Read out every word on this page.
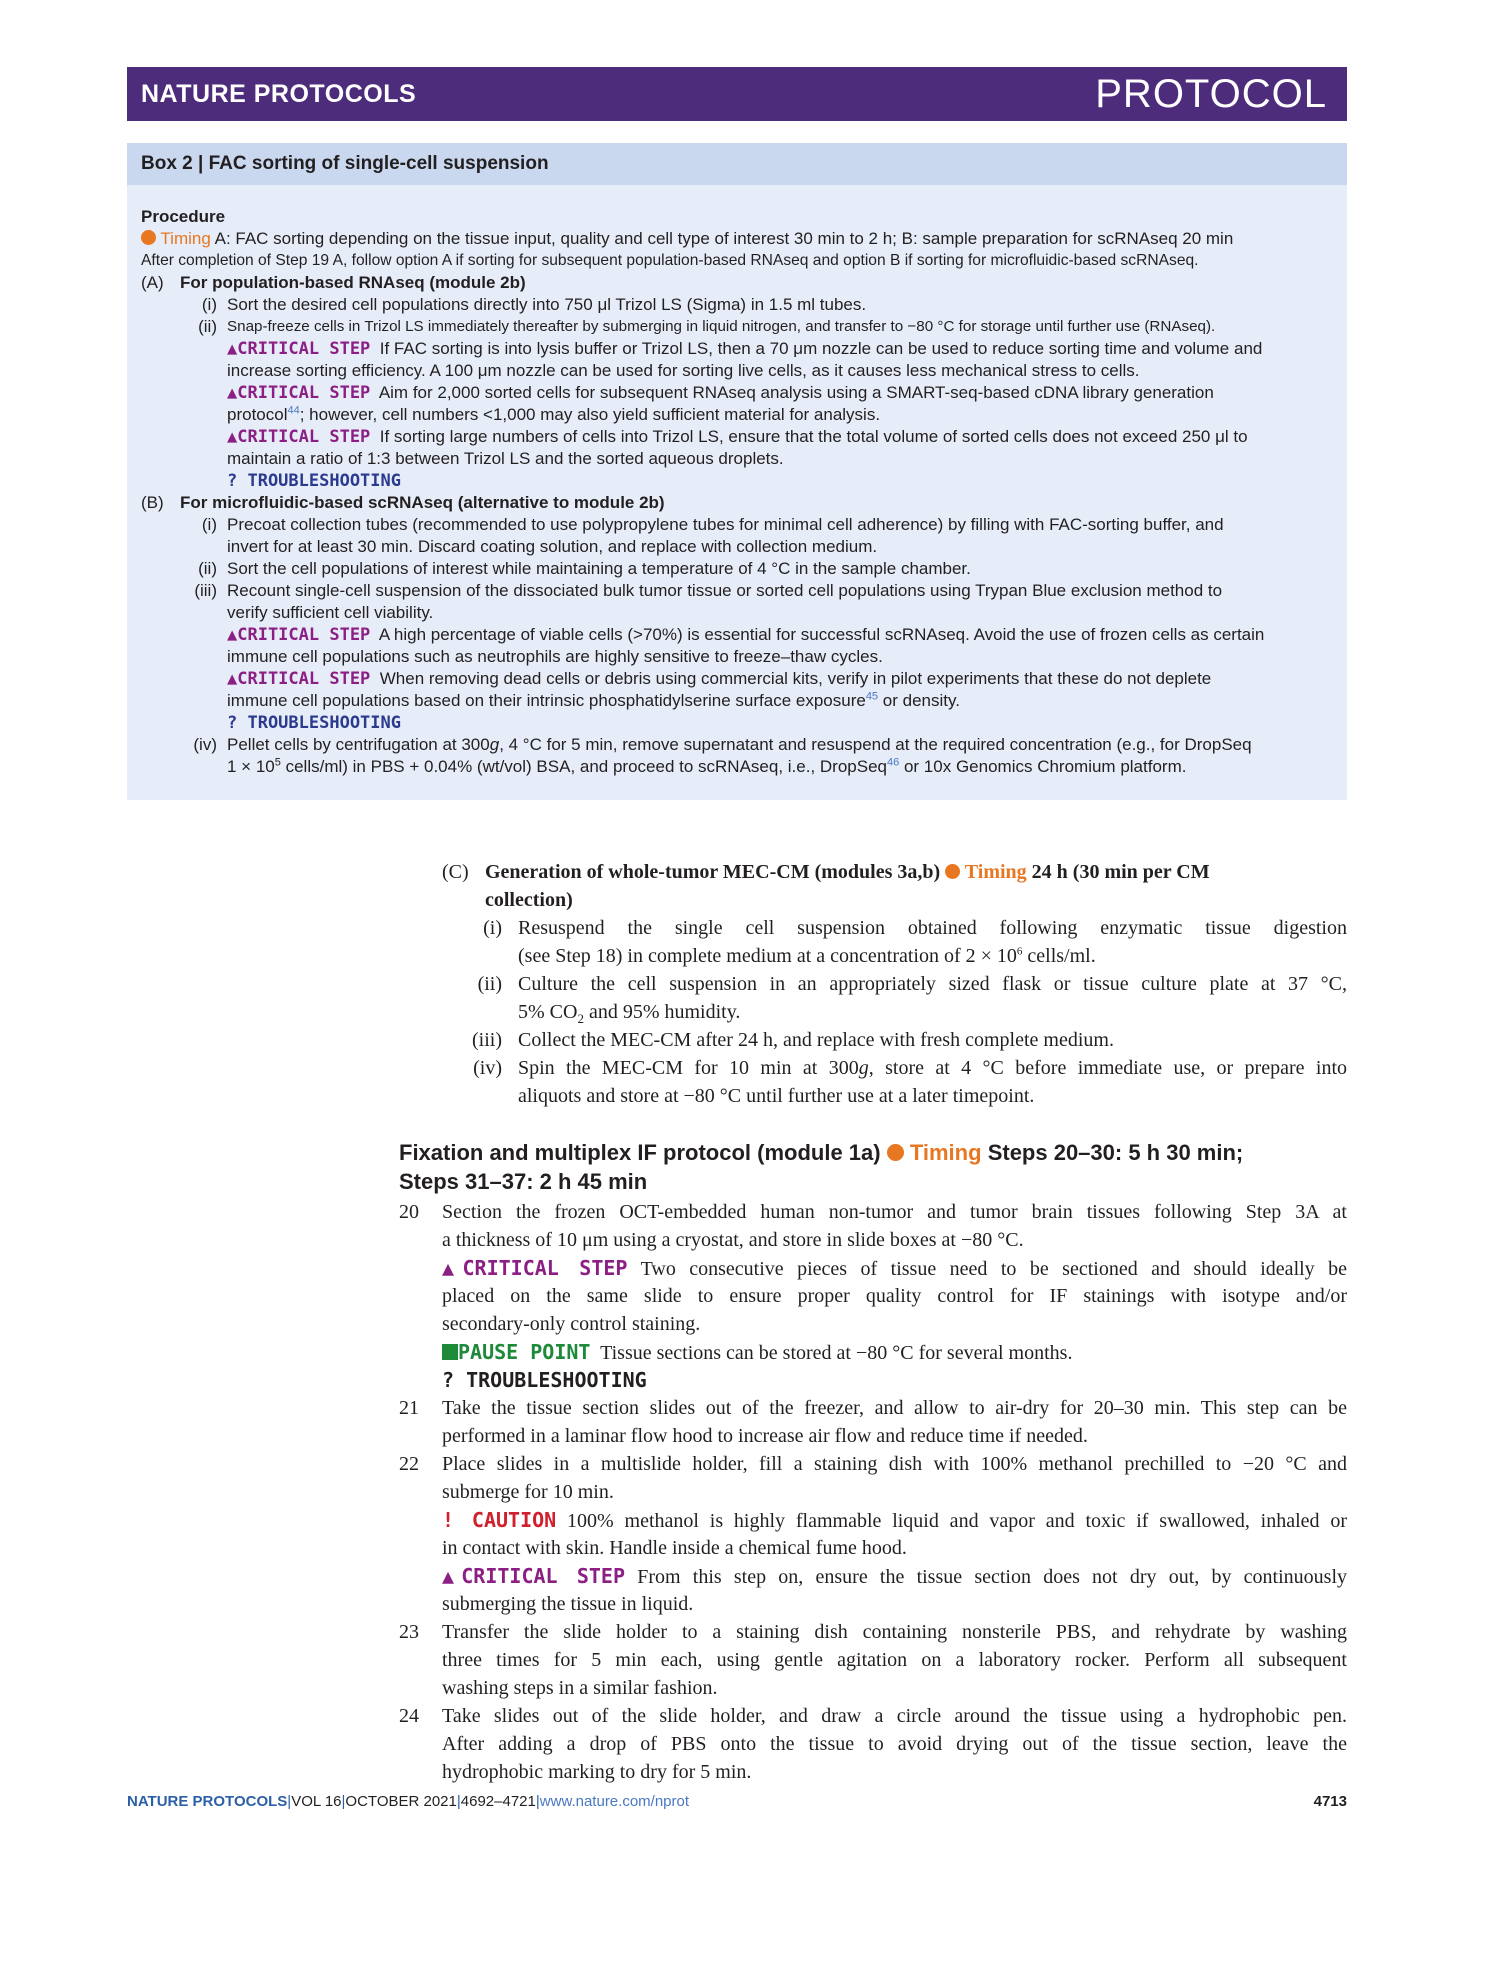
NATURE PROTOCOLS	PROTOCOL
Box 2 | FAC sorting of single-cell suspension
Procedure
Timing A: FAC sorting depending on the tissue input, quality and cell type of interest 30 min to 2 h; B: sample preparation for scRNAseq 20 min
After completion of Step 19 A, follow option A if sorting for subsequent population-based RNAseq and option B if sorting for microfluidic-based scRNAseq.
(A) For population-based RNAseq (module 2b)
(i) Sort the desired cell populations directly into 750 μl Trizol LS (Sigma) in 1.5 ml tubes.
(ii) Snap-freeze cells in Trizol LS immediately thereafter by submerging in liquid nitrogen, and transfer to −80 °C for storage until further use (RNAseq).
▲CRITICAL STEP If FAC sorting is into lysis buffer or Trizol LS, then a 70 μm nozzle can be used to reduce sorting time and volume and
increase sorting efficiency. A 100 μm nozzle can be used for sorting live cells, as it causes less mechanical stress to cells.
▲CRITICAL STEP Aim for 2,000 sorted cells for subsequent RNAseq analysis using a SMART-seq-based cDNA library generation
protocol$^{44}$; however, cell numbers <1,000 may also yield sufficient material for analysis.
▲CRITICAL STEP If sorting large numbers of cells into Trizol LS, ensure that the total volume of sorted cells does not exceed 250 μl to
maintain a ratio of 1:3 between Trizol LS and the sorted aqueous droplets.
? TROUBLESHOOTING
(B) For microfluidic-based scRNAseq (alternative to module 2b)
(i) Precoat collection tubes (recommended to use polypropylene tubes for minimal cell adherence) by filling with FAC-sorting buffer, and
invert for at least 30 min. Discard coating solution, and replace with collection medium.
(ii) Sort the cell populations of interest while maintaining a temperature of 4 °C in the sample chamber.
(iii) Recount single-cell suspension of the dissociated bulk tumor tissue or sorted cell populations using Trypan Blue exclusion method to
verify sufficient cell viability.
▲CRITICAL STEP A high percentage of viable cells (>70%) is essential for successful scRNAseq. Avoid the use of frozen cells as certain
immune cell populations such as neutrophils are highly sensitive to freeze–thaw cycles.
▲CRITICAL STEP When removing dead cells or debris using commercial kits, verify in pilot experiments that these do not deplete
immune cell populations based on their intrinsic phosphatidylserine surface exposure$^{45}$ or density.
? TROUBLESHOOTING
(iv) Pellet cells by centrifugation at 300g, 4 °C for 5 min, remove supernatant and resuspend at the required concentration (e.g., for DropSeq
$1 \times 10^5$ cells/ml) in PBS + 0.04% (wt/vol) BSA, and proceed to scRNAseq, i.e., DropSeq$^{46}$ or 10x Genomics Chromium platform.
(C) Generation of whole-tumor MEC-CM (modules 3a,b) Timing 24 h (30 min per CM
collection)
(i) Resuspend the single cell suspension obtained following enzymatic tissue digestion
(see Step 18) in complete medium at a concentration of $2 \times 10^6$ cells/ml.
(ii) Culture the cell suspension in an appropriately sized flask or tissue culture plate at 37 °C,
5% $CO_2$ and 95% humidity.
(iii) Collect the MEC-CM after 24 h, and replace with fresh complete medium.
(iv) Spin the MEC-CM for 10 min at 300g, store at 4 °C before immediate use, or prepare into
aliquots and store at −80 °C until further use at a later timepoint.
Fixation and multiplex IF protocol (module 1a) Timing Steps 20–30: 5 h 30 min;
Steps 31–37: 2 h 45 min
20 Section the frozen OCT-embedded human non-tumor and tumor brain tissues following Step 3A at
a thickness of 10 μm using a cryostat, and store in slide boxes at −80 °C.
▲CRITICAL STEP Two consecutive pieces of tissue need to be sectioned and should ideally be
placed on the same slide to ensure proper quality control for IF stainings with isotype and/or
secondary-only control staining.
PAUSE POINT Tissue sections can be stored at −80 °C for several months.
? TROUBLESHOOTING
21 Take the tissue section slides out of the freezer, and allow to air-dry for 20–30 min. This step can be
performed in a laminar flow hood to increase air flow and reduce time if needed.
22 Place slides in a multislide holder, fill a staining dish with 100% methanol prechilled to −20 °C and
submerge for 10 min.
! CAUTION 100% methanol is highly flammable liquid and vapor and toxic if swallowed, inhaled or
in contact with skin. Handle inside a chemical fume hood.
▲CRITICAL STEP From this step on, ensure the tissue section does not dry out, by continuously
submerging the tissue in liquid.
23 Transfer the slide holder to a staining dish containing nonsterile PBS, and rehydrate by washing
three times for 5 min each, using gentle agitation on a laboratory rocker. Perform all subsequent
washing steps in a similar fashion.
24 Take slides out of the slide holder, and draw a circle around the tissue using a hydrophobic pen.
After adding a drop of PBS onto the tissue to avoid drying out of the tissue section, leave the
hydrophobic marking to dry for 5 min.
NATURE PROTOCOLS|VOL 16|OCTOBER 2021|4692–4721|www.nature.com/nprot	4713
